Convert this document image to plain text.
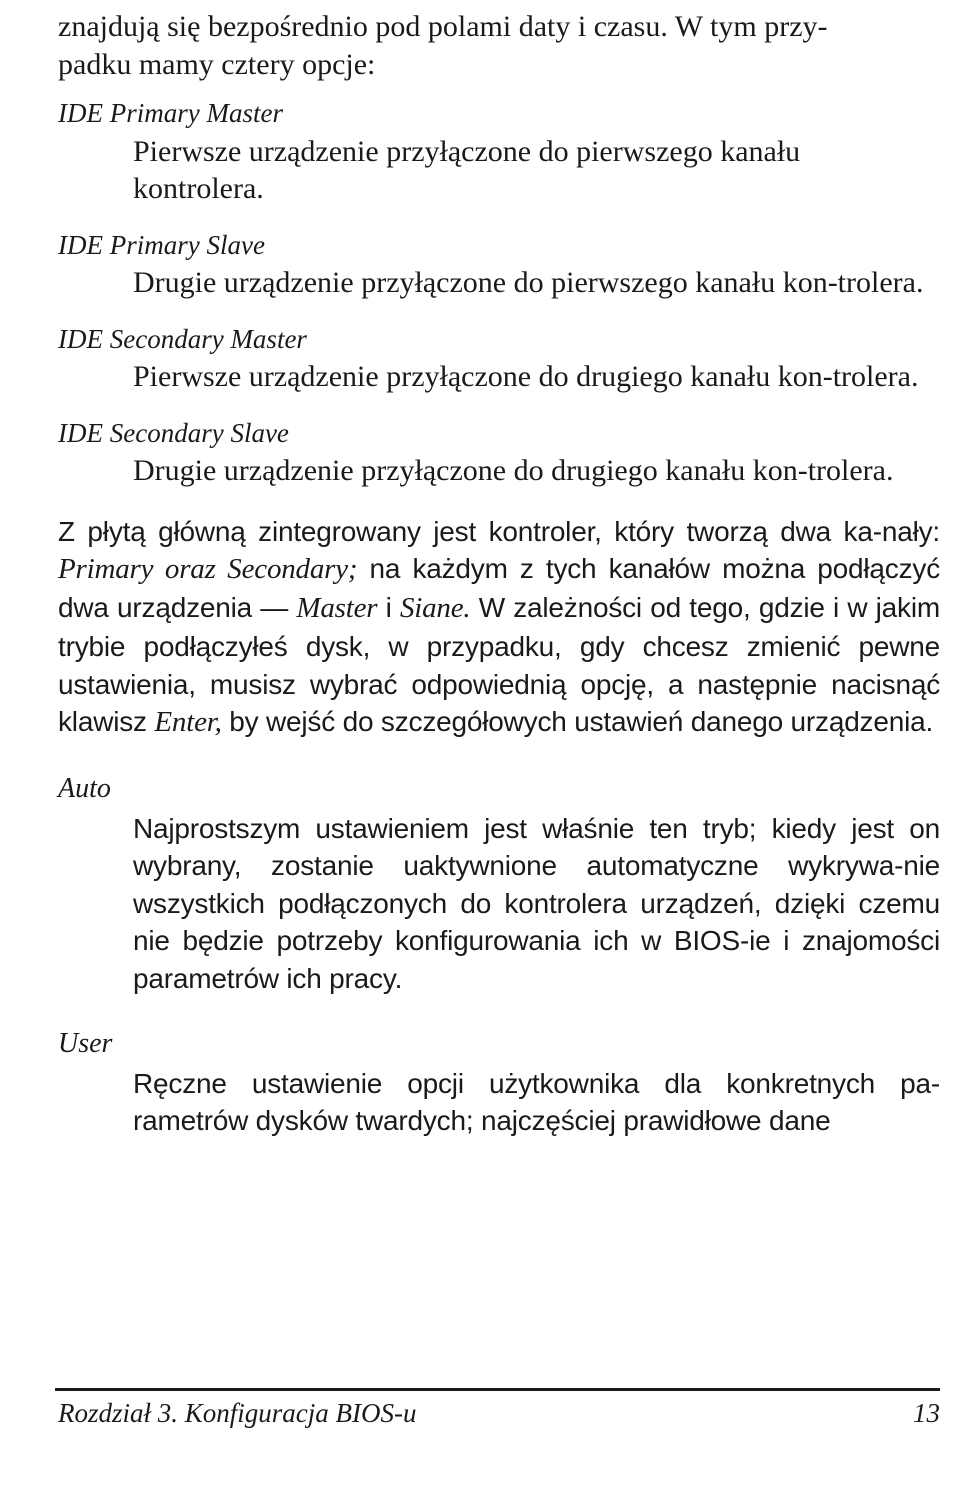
znajdują się bezpośrednio pod polami daty i czasu. W tym przy-
padku mamy cztery opcje:

IDE Primary Master

Pierwsze urządzenie przyłączone do pierwszego kanału
kontrolera.

IDE Primary Slave

Drugie urządzenie przyłączone do pierwszego kanału kon-trolera.

IDE Secondary Master

Pierwsze urządzenie przyłączone do drugiego kanału kon-trolera.

IDE Secondary Slave

Drugie urządzenie przyłączone do drugiego kanału kon-trolera.

Z płytą główną zintegrowany jest kontroler, który tworzą dwa ka-nały: Primary oraz Secondary; na każdym z tych kanałów można podłączyć dwa urządzenia — Master i Siane. W zależności od tego, gdzie i w jakim trybie podłączyłeś dysk, w przypadku, gdy chcesz zmienić pewne ustawienia, musisz wybrać odpowiednią opcję, a następnie nacisnąć klawisz Enter, by wejść do szczegółowych ustawień danego urządzenia.

Auto

Najprostszym ustawieniem jest właśnie ten tryb; kiedy jest on wybrany, zostanie uaktywnione automatyczne wykrywa-nie wszystkich podłączonych do kontrolera urządzeń, dzięki czemu nie będzie potrzeby konfigurowania ich w BIOS-ie i znajomości parametrów ich pracy.

User

Ręczne ustawienie opcji użytkownika dla konkretnych pa-rametrów dysków twardych; najczęściej prawidłowe dane

Rozdział 3. Konfiguracja BIOS-u	13
